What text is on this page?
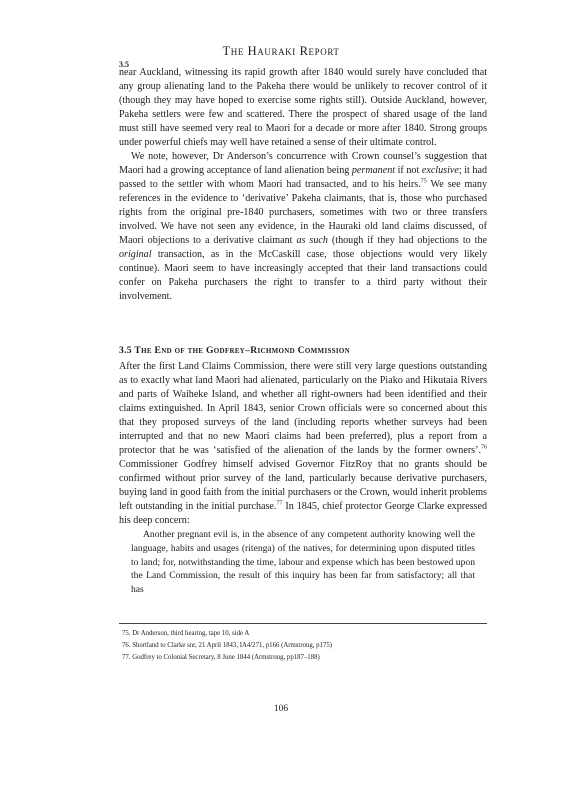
The Hauraki Report
3.5

near Auckland, witnessing its rapid growth after 1840 would surely have concluded that any group alienating land to the Pakeha there would be unlikely to recover control of it (though they may have hoped to exercise some rights still). Outside Auckland, however, Pakeha settlers were few and scattered. There the prospect of shared usage of the land must still have seemed very real to Maori for a decade or more after 1840. Strong groups under powerful chiefs may well have retained a sense of their ultimate control.

We note, however, Dr Anderson’s concurrence with Crown counsel’s suggestion that Maori had a growing acceptance of land alienation being permanent if not exclusive; it had passed to the settler with whom Maori had transacted, and to his heirs.$^{75}$ We see many references in the evidence to ‘derivative’ Pakeha claimants, that is, those who purchased rights from the original pre-1840 purchasers, sometimes with two or three transfers involved. We have not seen any evidence, in the Hauraki old land claims discussed, of Maori objections to a derivative claimant as such (though if they had objections to the original transaction, as in the McCaskill case, those objections would very likely continue). Maori seem to have increasingly accepted that their land transactions could confer on Pakeha purchasers the right to transfer to a third party without their involvement.

3.5 The End of the Godfrey–Richmond Commission

After the first Land Claims Commission, there were still very large questions outstanding as to exactly what land Maori had alienated, particularly on the Piako and Hikutaia Rivers and parts of Waiheke Island, and whether all right-owners had been identified and their claims extinguished. In April 1843, senior Crown officials were so concerned about this that they proposed surveys of the land (including reports whether surveys had been interrupted and that no new Maori claims had been preferred), plus a report from a protector that he was ‘satisfied of the alienation of the lands by the former owners’.$^{76}$ Commissioner Godfrey himself advised Governor FitzRoy that no grants should be confirmed without prior survey of the land, particularly because derivative purchasers, buying land in good faith from the initial purchasers or the Crown, would inherit problems left outstanding in the initial purchase.$^{77}$ In 1845, chief protector George Clarke expressed his deep concern:

Another pregnant evil is, in the absence of any competent authority knowing well the language, habits and usages (ritenga) of the natives, for determining upon disputed titles to land; for, notwithstanding the time, labour and expense which has been bestowed upon the Land Commission, the result of this inquiry has been far from satisfactory; all that has

75. Dr Anderson, third hearing, tape 10, side A
76. Shortland to Clarke snr, 21 April 1843, IA4/271, p166 (Armstrong, p175)
77. Godfrey to Colonial Secretary, 8 June 1844 (Armstrong, pp187–188)
106
